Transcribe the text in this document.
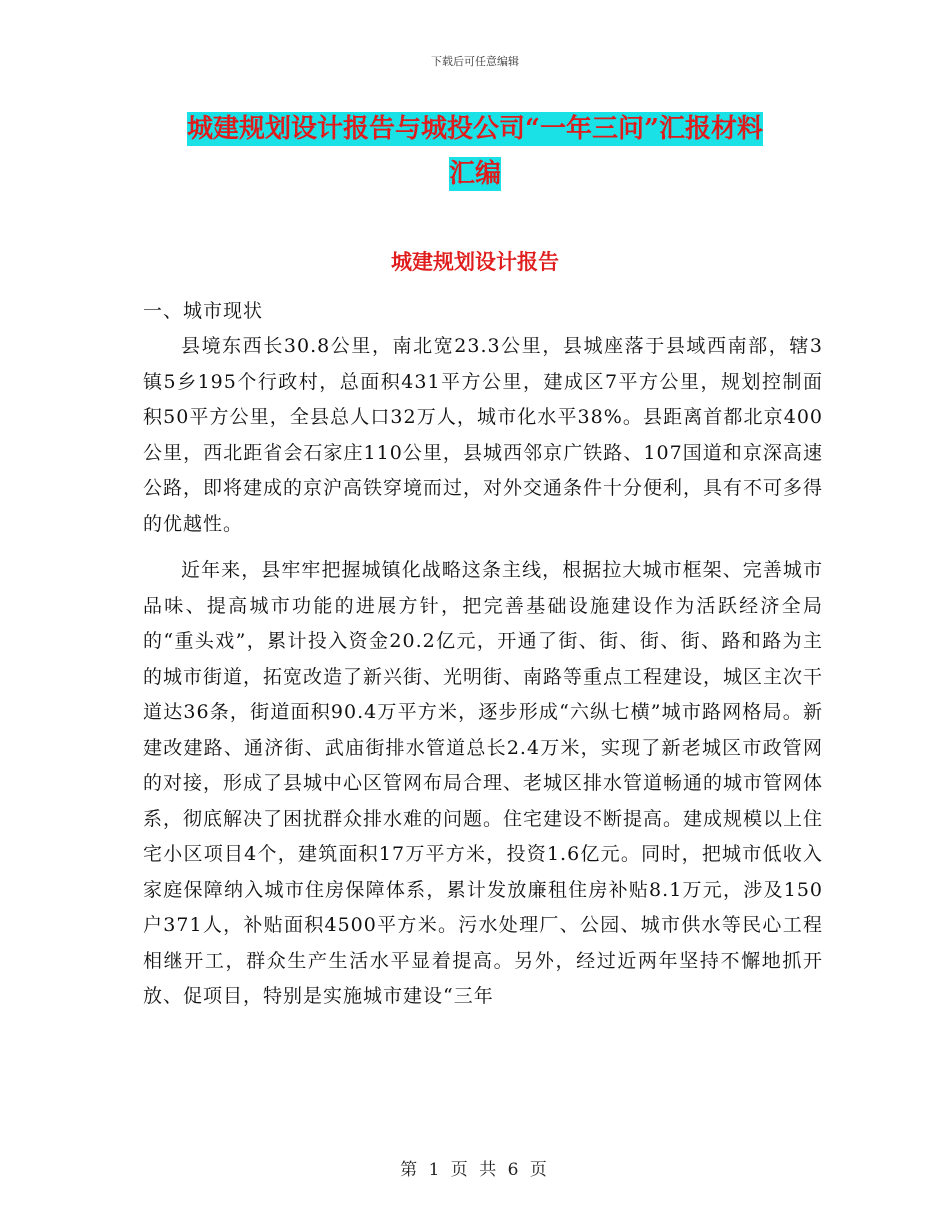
下载后可任意编辑
城建规划设计报告与城投公司“一年三问”汇报材料
汇编
城建规划设计报告
一、城市现状
县境东西长30.8公里，南北宽23.3公里，县城座落于县域西南部，辖3镇5乡195个行政村，总面积431平方公里，建成区7平方公里，规划控制面积50平方公里，全县总人口32万人，城市化水平38%。县距离首都北京400公里，西北距省会石家庄110公里，县城西邻京广铁路、107国道和京深高速公路，即将建成的京沪高铁穿境而过，对外交通条件十分便利，具有不可多得的优越性。
近年来，县牢牢把握城镇化战略这条主线，根据拉大城市框架、完善城市品味、提高城市功能的进展方针，把完善基础设施建设作为活跃经济全局的“重头戏”，累计投入资金20.2亿元，开通了街、街、街、街、路和路为主的城市街道，拓宽改造了新兴街、光明街、南路等重点工程建设，城区主次干道达36条，街道面积90.4万平方米，逐步形成“六纵七横”城市路网格局。新建改建路、通济街、武庙街排水管道总长2.4万米，实现了新老城区市政管网的对接，形成了县城中心区管网布局合理、老城区排水管道畅通的城市管网体系，彻底解决了困扰群众排水难的问题。住宅建设不断提高。建成规模以上住宅小区项目4个，建筑面积17万平方米，投资1.6亿元。同时，把城市低收入家庭保障纳入城市住房保障体系，累计发放廉租住房补贴8.1万元，涉及150户371人，补贴面积4500平方米。污水处理厂、公园、城市供水等民心工程相继开工，群众生产生活水平显着提高。另外，经过近两年坚持不懈地抓开放、促项目，特别是实施城市建设“三年
第 1 页 共 6 页
